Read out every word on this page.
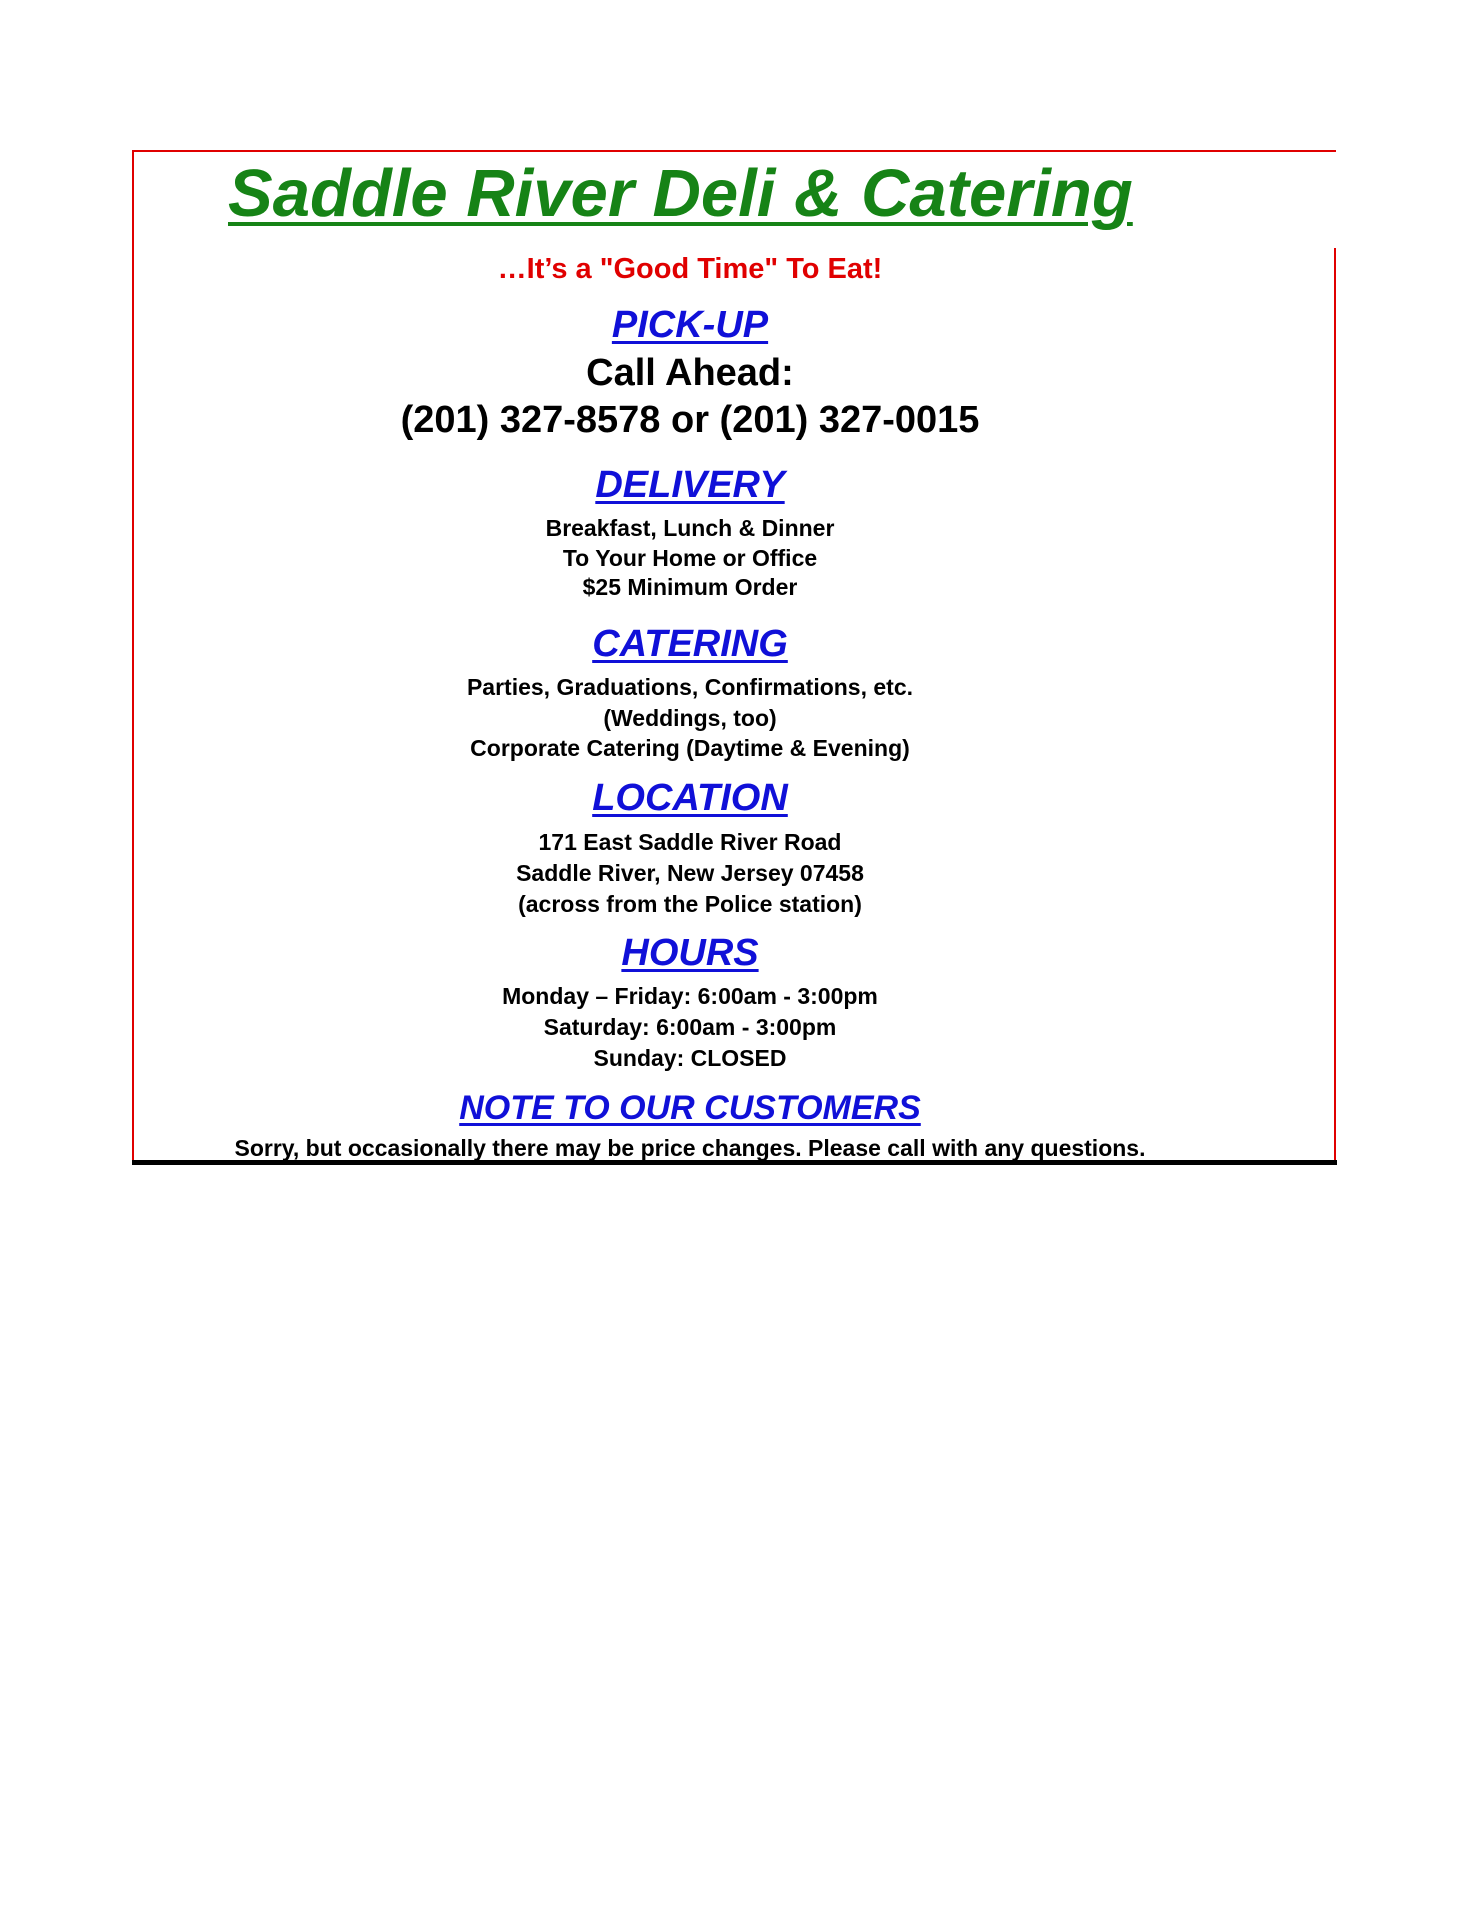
Saddle River Deli & Catering

…It’s a "Good Time" To Eat!

PICK-UP

Call Ahead:

(201) 327-8578 or (201) 327-0015

DELIVERY

Breakfast, Lunch & Dinner

To Your Home or Office

$25 Minimum Order

CATERING

Parties, Graduations, Confirmations, etc.

(Weddings, too)

Corporate Catering (Daytime & Evening)

LOCATION

171 East Saddle River Road

Saddle River, New Jersey 07458

(across from the Police station)

HOURS

Monday – Friday: 6:00am - 3:00pm

Saturday: 6:00am - 3:00pm

Sunday: CLOSED

NOTE TO OUR CUSTOMERS

Sorry, but occasionally there may be price changes. Please call with any questions.
